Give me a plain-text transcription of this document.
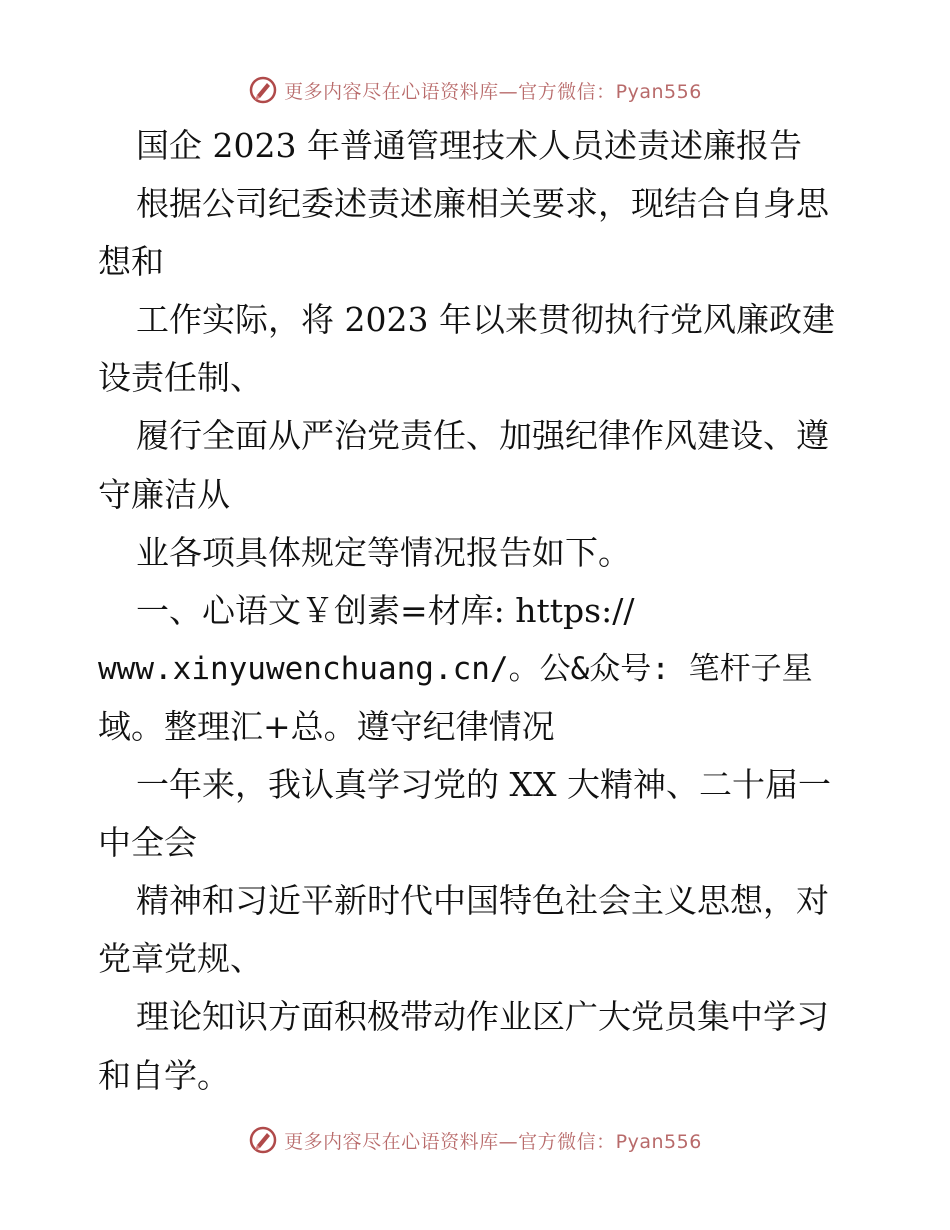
更多内容尽在心语资料库—官方微信：Pyan556
国企 2023 年普通管理技术人员述责述廉报告
根据公司纪委述责述廉相关要求，现结合自身思
想和
工作实际，将 2023 年以来贯彻执行党风廉政建
设责任制、
履行全面从严治党责任、加强纪律作风建设、遵
守廉洁从
业各项具体规定等情况报告如下。
一、心语文￥创素=材库: https://
www.xinyuwenchuang.cn/。公&众号: 笔杆子星
域。整理汇+总。遵守纪律情况
一年来，我认真学习党的 XX 大精神、二十届一
中全会
精神和习近平新时代中国特色社会主义思想，对
党章党规、
理论知识方面积极带动作业区广大党员集中学习
和自学。
更多内容尽在心语资料库—官方微信：Pyan556
